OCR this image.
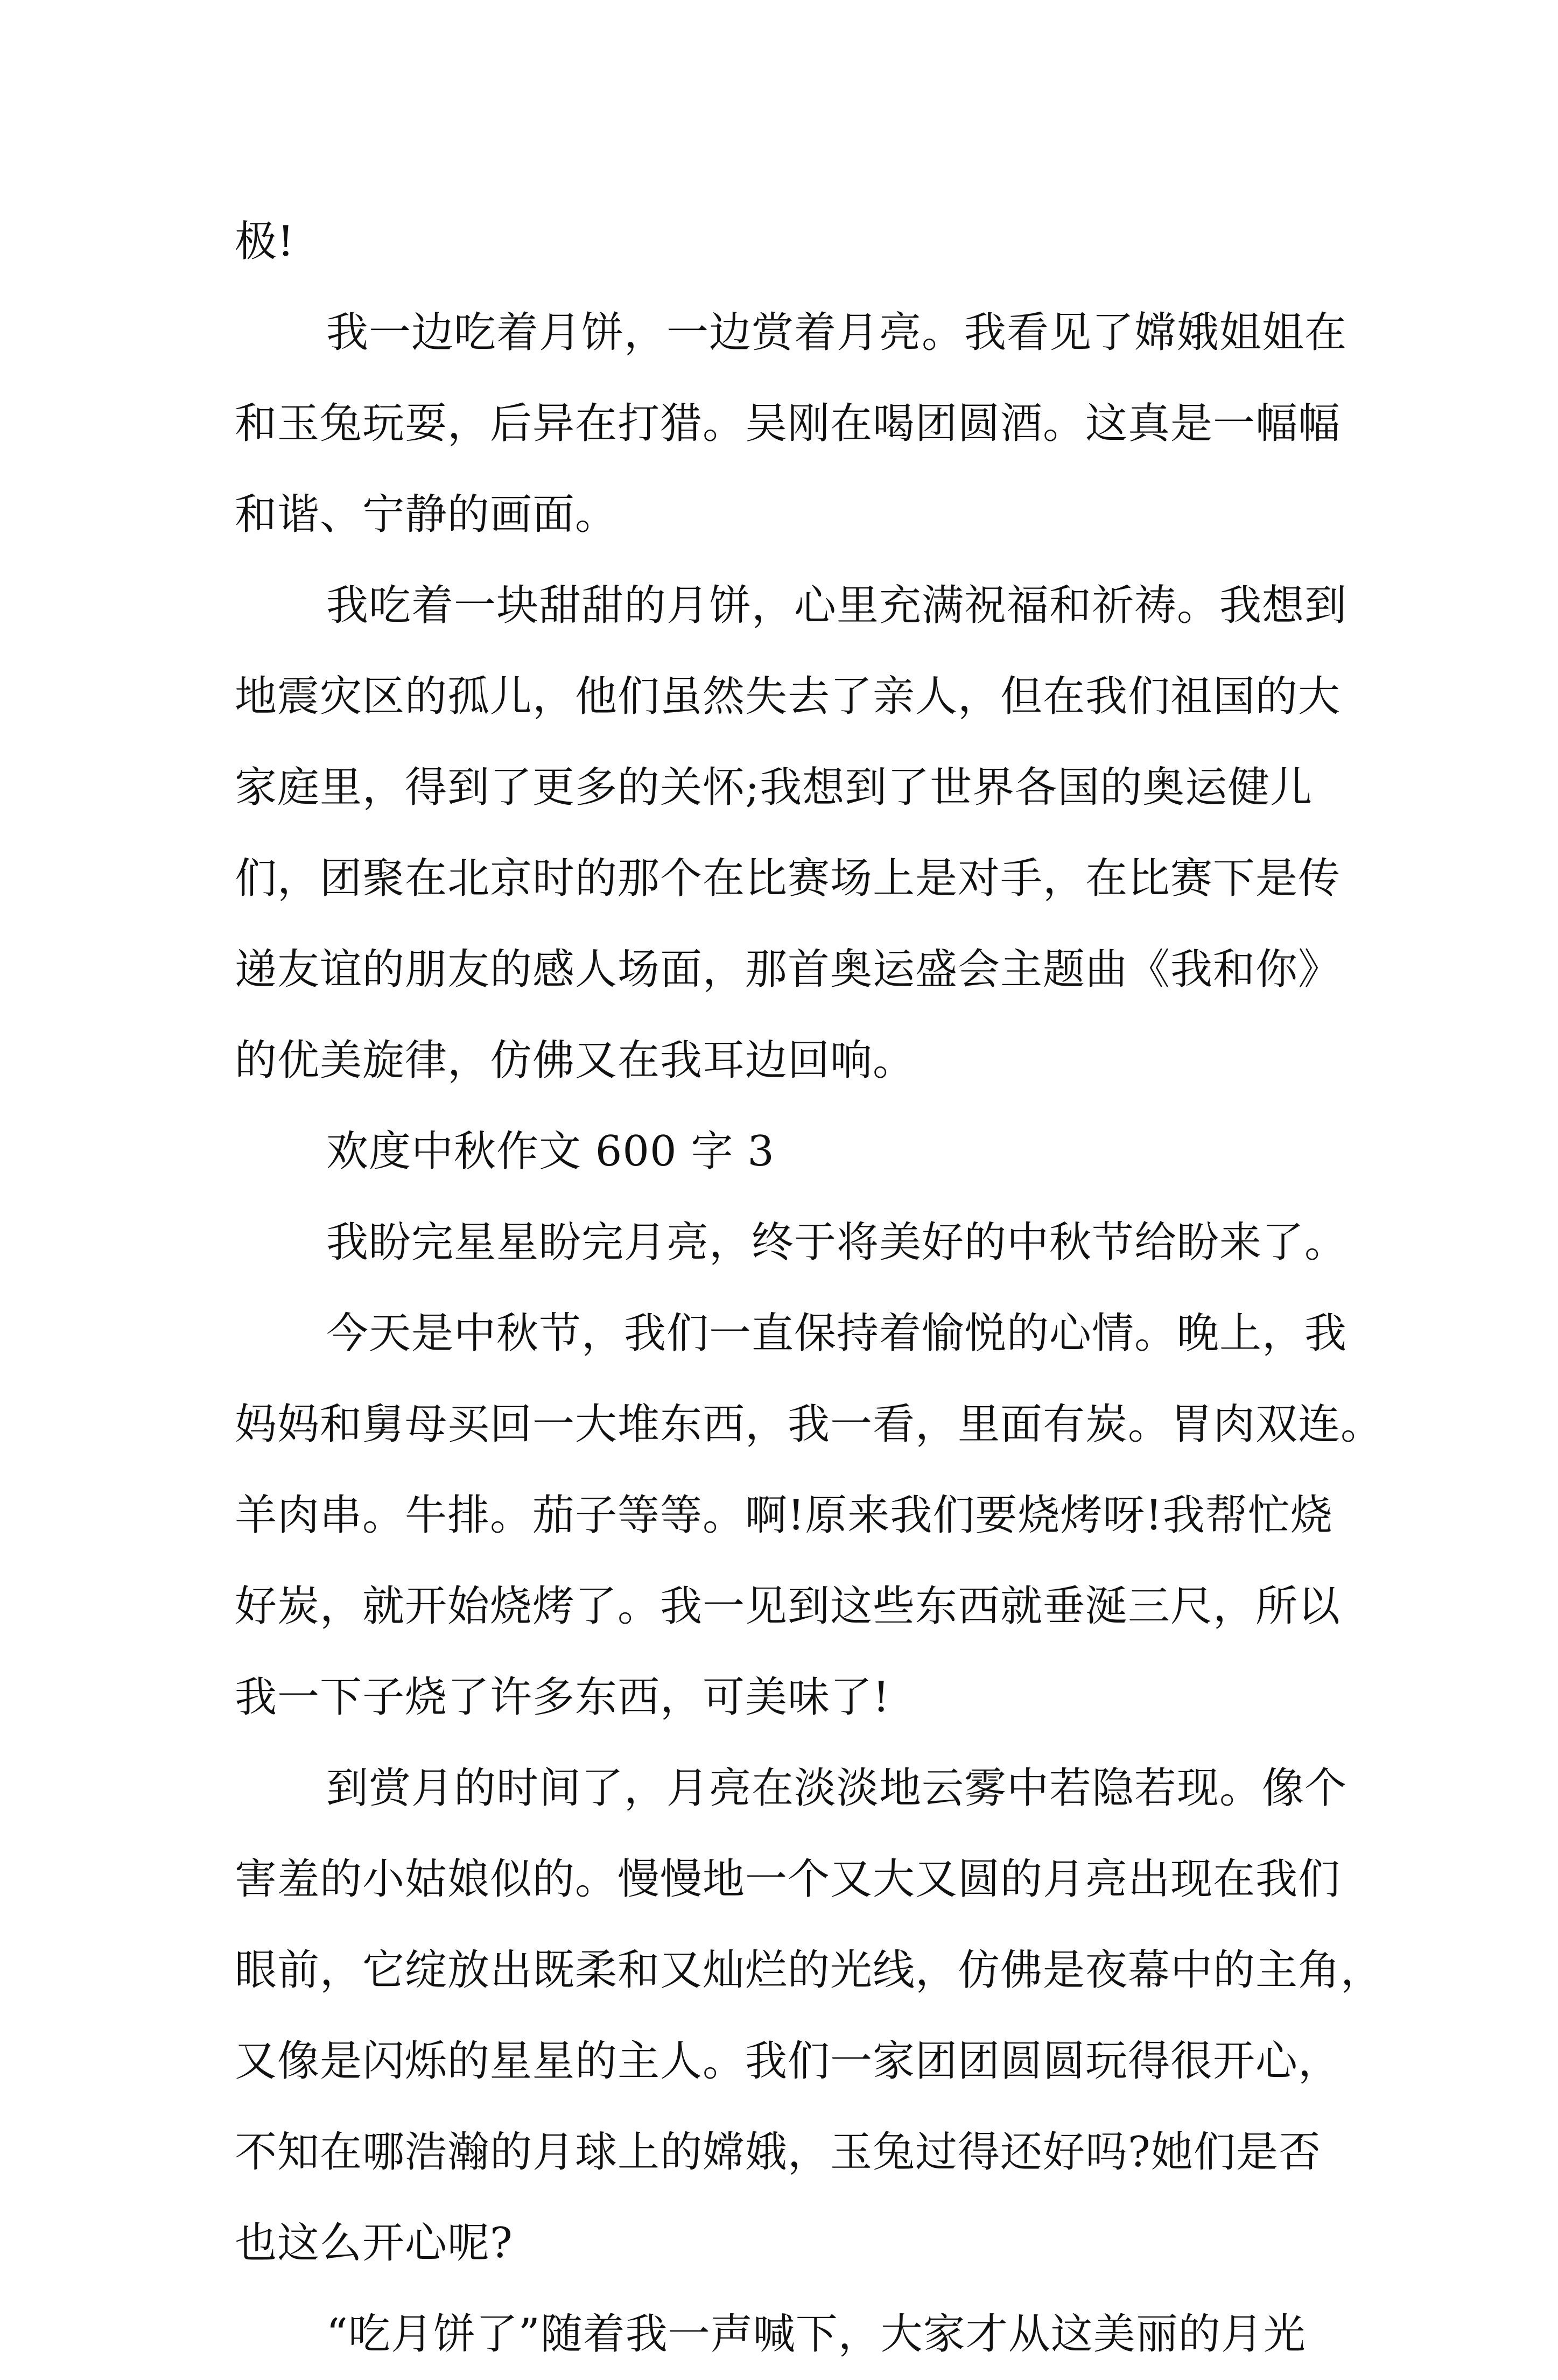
极!
我一边吃着月饼，一边赏着月亮。我看见了嫦娥姐姐在
和玉兔玩耍，后异在打猎。吴刚在喝团圆酒。这真是一幅幅
和谐、宁静的画面。
我吃着一块甜甜的月饼，心里充满祝福和祈祷。我想到
地震灾区的孤儿，他们虽然失去了亲人，但在我们祖国的大
家庭里，得到了更多的关怀;我想到了世界各国的奥运健儿
们，团聚在北京时的那个在比赛场上是对手，在比赛下是传
递友谊的朋友的感人场面，那首奥运盛会主题曲《我和你》
的优美旋律，仿佛又在我耳边回响。
欢度中秋作文 600 字 3
我盼完星星盼完月亮，终于将美好的中秋节给盼来了。
今天是中秋节，我们一直保持着愉悦的心情。晚上，我
妈妈和舅母买回一大堆东西，我一看，里面有炭。胃肉双连。
羊肉串。牛排。茄子等等。啊!原来我们要烧烤呀!我帮忙烧
好炭，就开始烧烤了。我一见到这些东西就垂涎三尺，所以
我一下子烧了许多东西，可美味了!
到赏月的时间了，月亮在淡淡地云雾中若隐若现。像个
害羞的小姑娘似的。慢慢地一个又大又圆的月亮出现在我们
眼前，它绽放出既柔和又灿烂的光线，仿佛是夜幕中的主角，
又像是闪烁的星星的主人。我们一家团团圆圆玩得很开心，
不知在哪浩瀚的月球上的嫦娥，玉兔过得还好吗?她们是否
也这么开心呢?
“吃月饼了”随着我一声喊下，大家才从这美丽的月光
